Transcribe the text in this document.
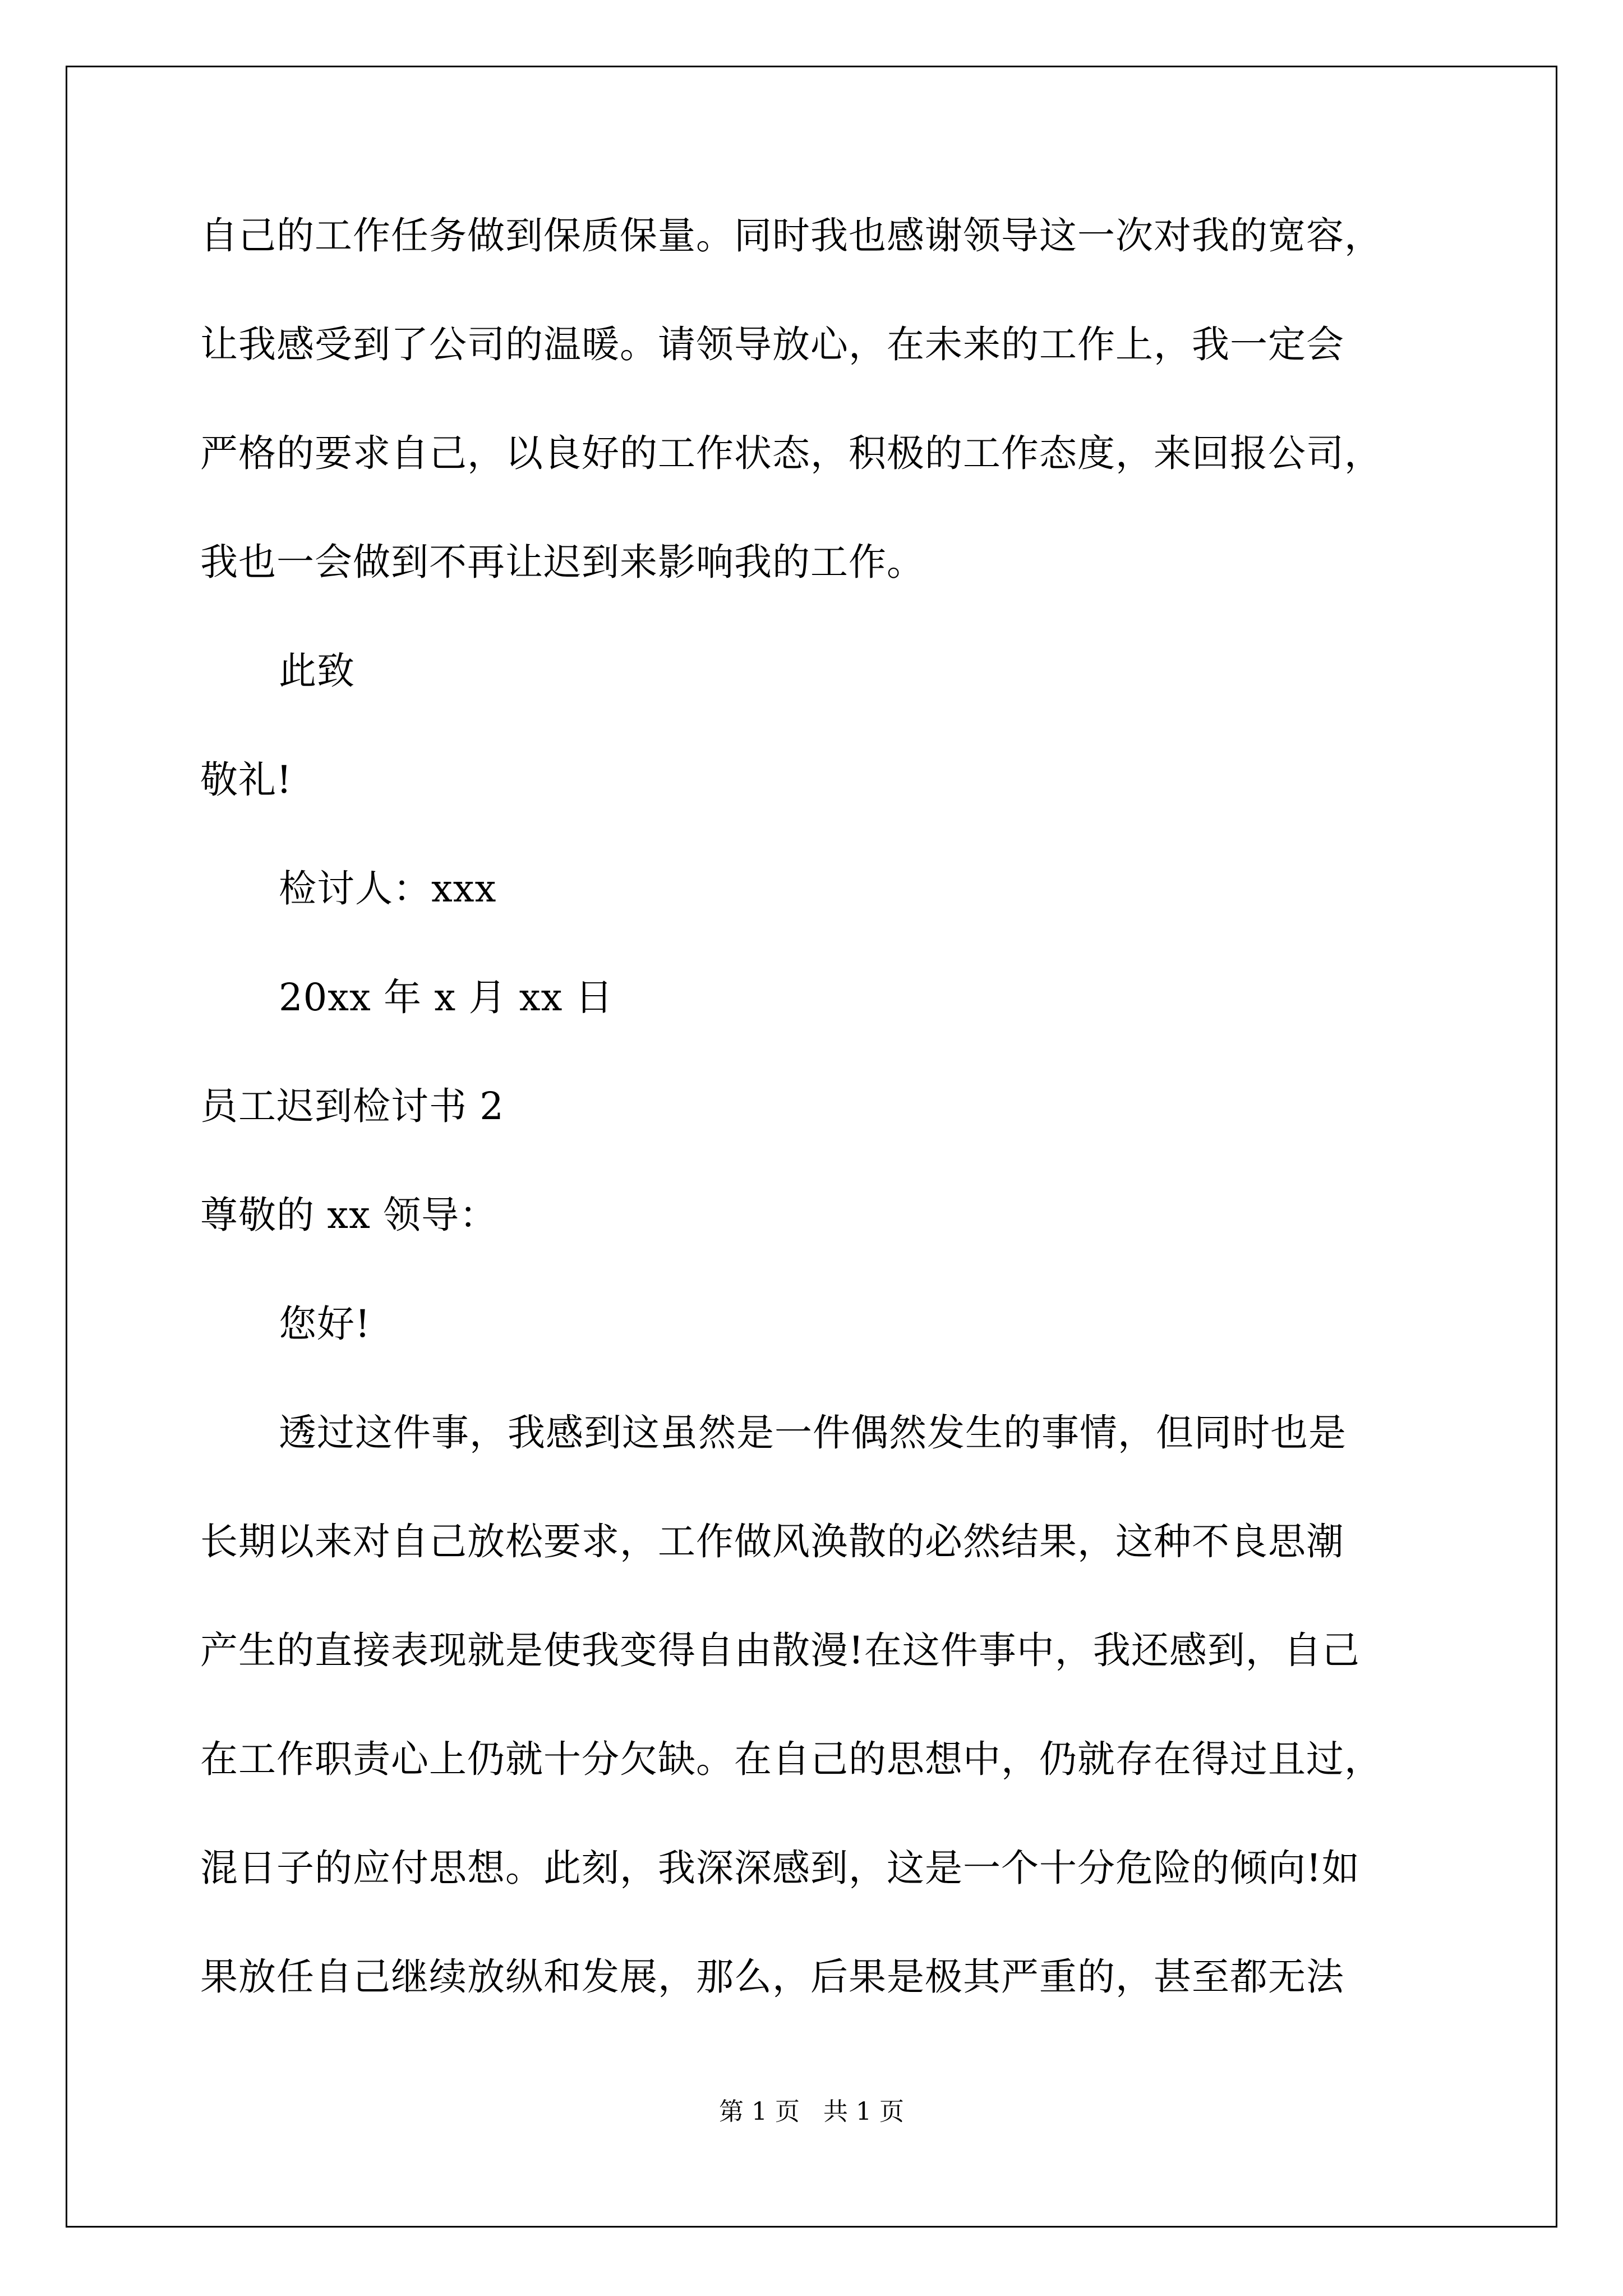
自己的工作任务做到保质保量。同时我也感谢领导这一次对我的宽容，
让我感受到了公司的温暖。请领导放心，在未来的工作上，我一定会
严格的要求自己，以良好的工作状态，积极的工作态度，来回报公司，
我也一会做到不再让迟到来影响我的工作。
此致
敬礼!
检讨人：xxx
20xx 年 x 月 xx 日
员工迟到检讨书 2
尊敬的 xx 领导：
您好!
透过这件事，我感到这虽然是一件偶然发生的事情，但同时也是
长期以来对自己放松要求，工作做风涣散的必然结果，这种不良思潮
产生的直接表现就是使我变得自由散漫!在这件事中，我还感到，自己
在工作职责心上仍就十分欠缺。在自己的思想中，仍就存在得过且过，
混日子的应付思想。此刻，我深深感到，这是一个十分危险的倾向!如
果放任自己继续放纵和发展，那么，后果是极其严重的，甚至都无法
第 1 页   共 1 页
